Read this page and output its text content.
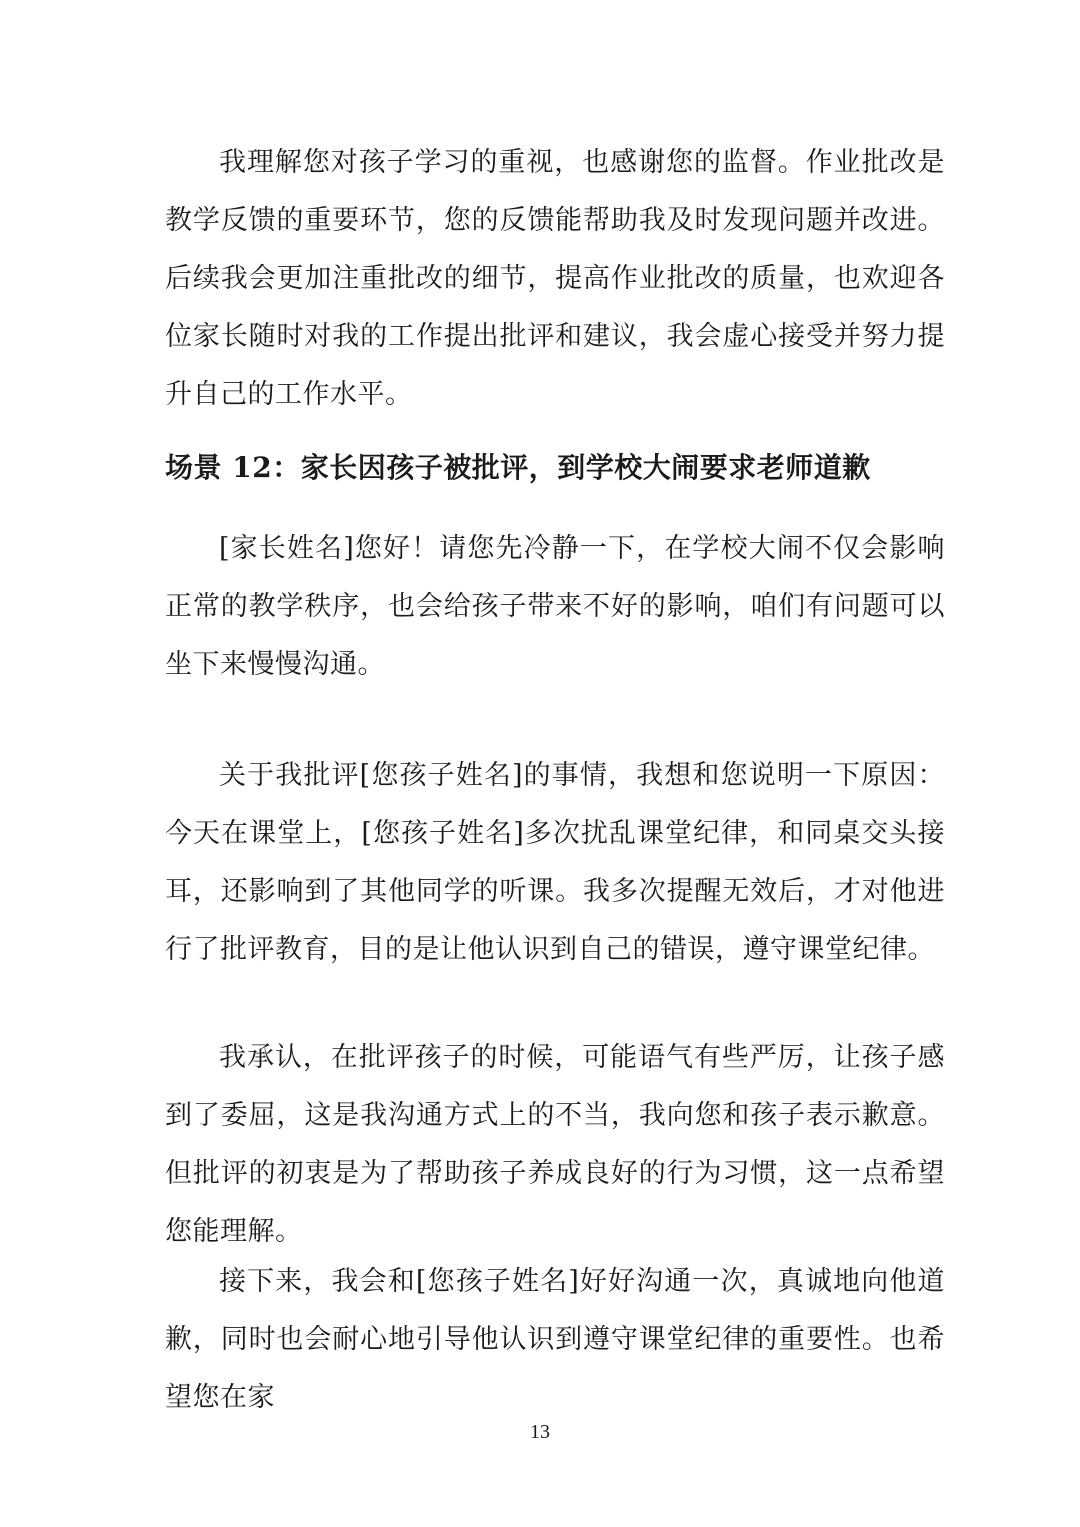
我理解您对孩子学习的重视，也感谢您的监督。作业批改是教学反馈的重要环节，您的反馈能帮助我及时发现问题并改进。后续我会更加注重批改的细节，提高作业批改的质量，也欢迎各位家长随时对我的工作提出批评和建议，我会虚心接受并努力提升自己的工作水平。

场景 12：家长因孩子被批评，到学校大闹要求老师道歉

[家长姓名]您好！请您先冷静一下，在学校大闹不仅会影响正常的教学秩序，也会给孩子带来不好的影响，咱们有问题可以坐下来慢慢沟通。

关于我批评[您孩子姓名]的事情，我想和您说明一下原因：今天在课堂上，[您孩子姓名]多次扰乱课堂纪律，和同桌交头接耳，还影响到了其他同学的听课。我多次提醒无效后，才对他进行了批评教育，目的是让他认识到自己的错误，遵守课堂纪律。

我承认，在批评孩子的时候，可能语气有些严厉，让孩子感到了委屈，这是我沟通方式上的不当，我向您和孩子表示歉意。但批评的初衷是为了帮助孩子养成良好的行为习惯，这一点希望您能理解。

接下来，我会和[您孩子姓名]好好沟通一次，真诚地向他道歉，同时也会耐心地引导他认识到遵守课堂纪律的重要性。也希望您在家

13
